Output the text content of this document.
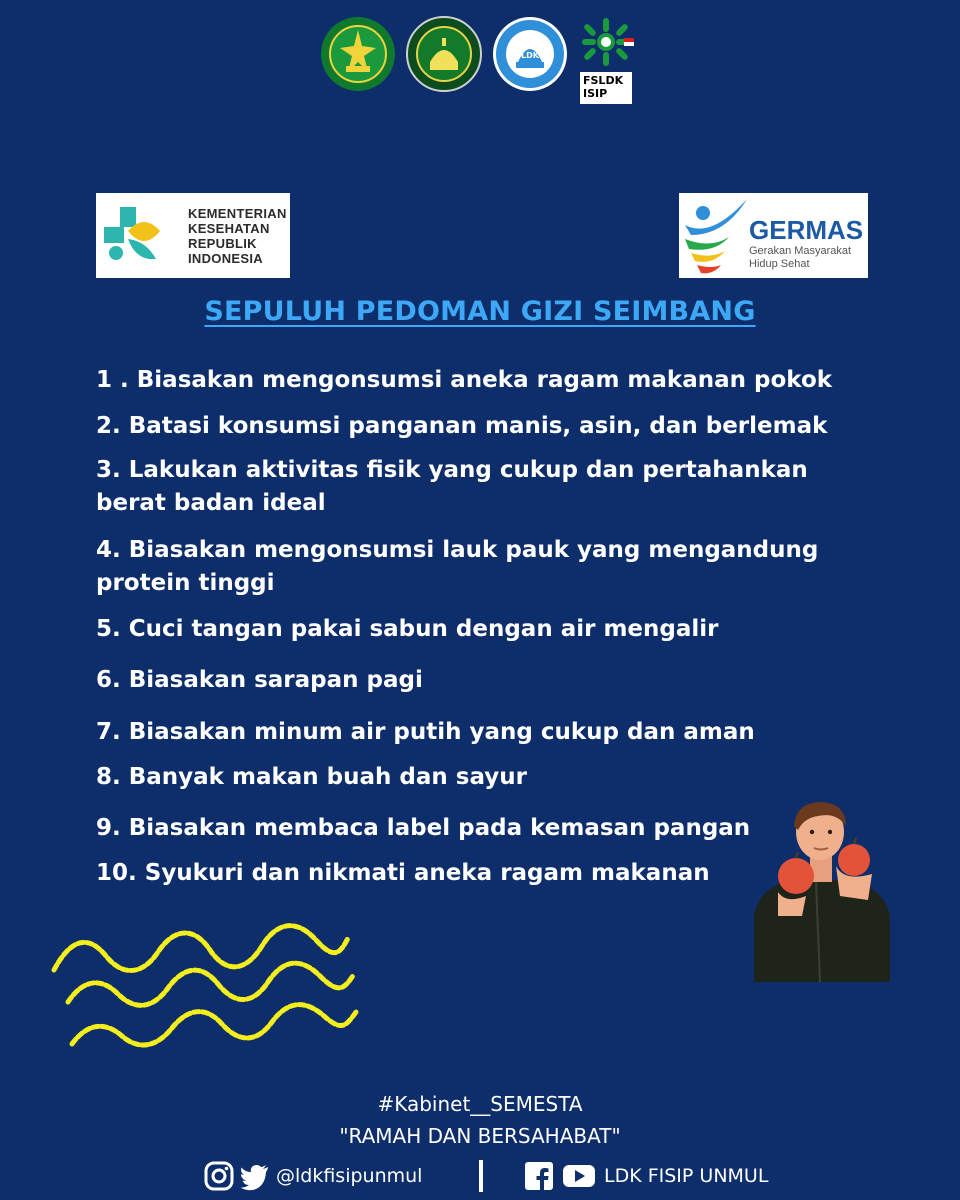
LDK
FSLDK
ISIP
KEMENTERIAN
KESEHATAN
REPUBLIK
INDONESIA
GERMAS
Gerakan Masyarakat
Hidup Sehat
SEPULUH PEDOMAN GIZI SEIMBANG
1 . Biasakan mengonsumsi aneka ragam makanan pokok
2. Batasi konsumsi panganan manis, asin, dan berlemak
3. Lakukan aktivitas fisik yang cukup dan pertahankan berat badan ideal
4. Biasakan mengonsumsi lauk pauk yang mengandung protein tinggi
5. Cuci tangan pakai sabun dengan air mengalir
6. Biasakan sarapan pagi
7. Biasakan minum air putih yang cukup dan aman
8. Banyak makan buah dan sayur
9. Biasakan membaca label pada kemasan pangan
10. Syukuri dan nikmati aneka ragam makanan
#Kabinet__SEMESTA
"RAMAH DAN BERSAHABAT"
@ldkfisipunmul	LDK FISIP UNMUL
